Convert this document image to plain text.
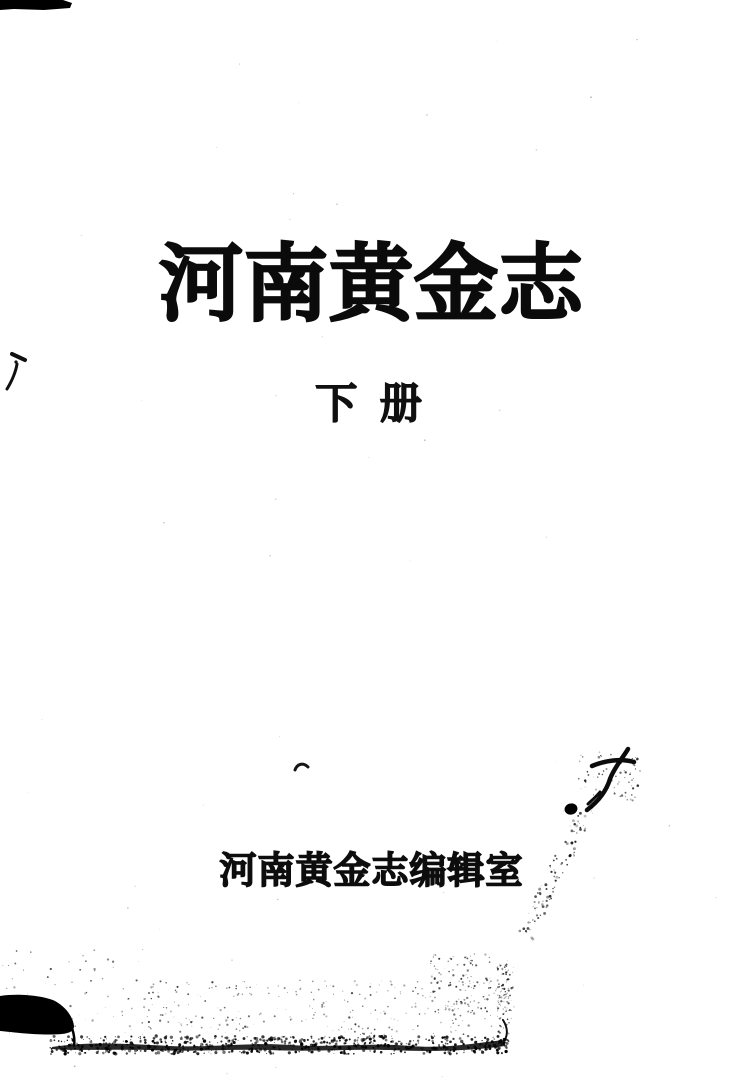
河南黄金志
下 册
河南黄金志编辑室
